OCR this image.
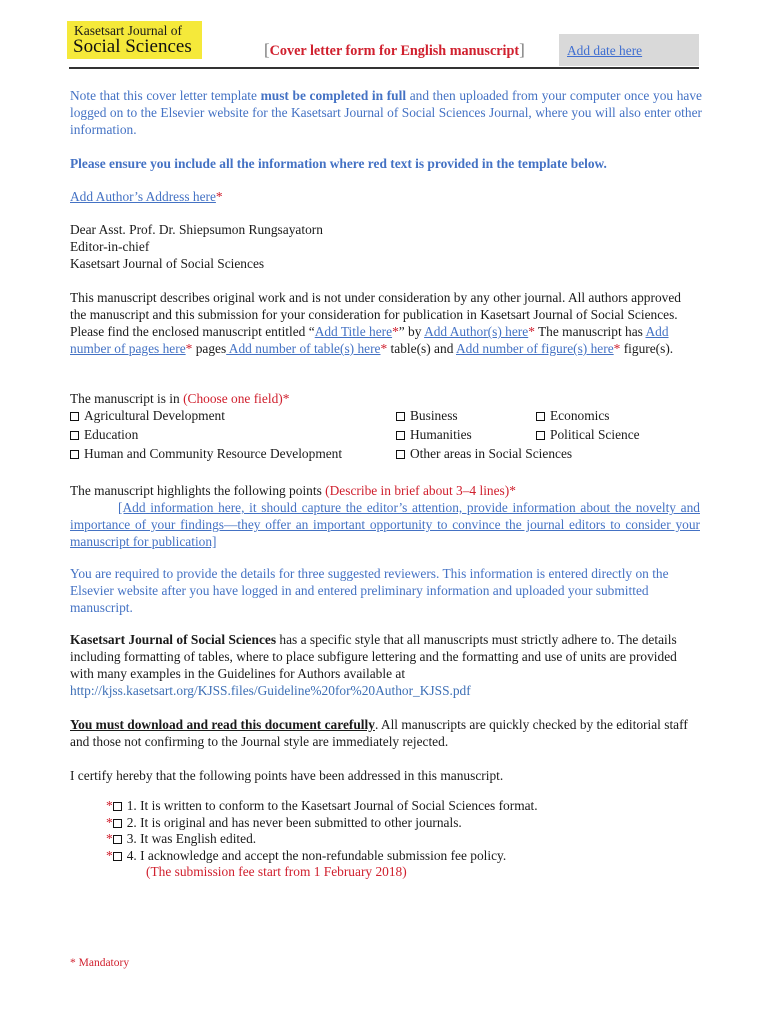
Kasetsart Journal of
Social Sciences	[Cover letter form for English manuscript]	Add date here
Note that this cover letter template must be completed in full and then uploaded from your computer once you have logged on to the Elsevier website for the Kasetsart Journal of Social Sciences Journal, where you will also enter other information.
Please ensure you include all the information where red text is provided in the template below.
Add Author’s Address here*
Dear Asst. Prof. Dr. Shiepsumon Rungsayatorn
Editor-in-chief
Kasetsart Journal of Social Sciences
This manuscript describes original work and is not under consideration by any other journal. All authors approved the manuscript and this submission for your consideration for publication in Kasetsart Journal of Social Sciences. Please find the enclosed manuscript entitled “Add Title here*” by Add Author(s) here* The manuscript has Add number of pages here* pages Add number of table(s) here* table(s) and Add number of figure(s) here* figure(s).
The manuscript is in (Choose one field)*
Agricultural Development	Business	Economics
Education	Humanities	Political Science
Human and Community Resource Development	Other areas in Social Sciences
The manuscript highlights the following points (Describe in brief about 3–4 lines)*
[Add information here, it should capture the editor’s attention, provide information about the novelty and importance of your findings—they offer an important opportunity to convince the journal editors to consider your manuscript for publication]
You are required to provide the details for three suggested reviewers. This information is entered directly on the Elsevier website after you have logged in and entered preliminary information and uploaded your submitted manuscript.
Kasetsart Journal of Social Sciences has a specific style that all manuscripts must strictly adhere to. The details including formatting of tables, where to place subfigure lettering and the formatting and use of units are provided with many examples in the Guidelines for Authors available at
http://kjss.kasetsart.org/KJSS.files/Guideline%20for%20Author_KJSS.pdf
You must download and read this document carefully. All manuscripts are quickly checked by the editorial staff and those not confirming to the Journal style are immediately rejected.
I certify hereby that the following points have been addressed in this manuscript.
* 1. It is written to conform to the Kasetsart Journal of Social Sciences format.
* 2. It is original and has never been submitted to other journals.
* 3. It was English edited.
* 4. I acknowledge and accept the non-refundable submission fee policy.
(The submission fee start from 1 February 2018)
* Mandatory
